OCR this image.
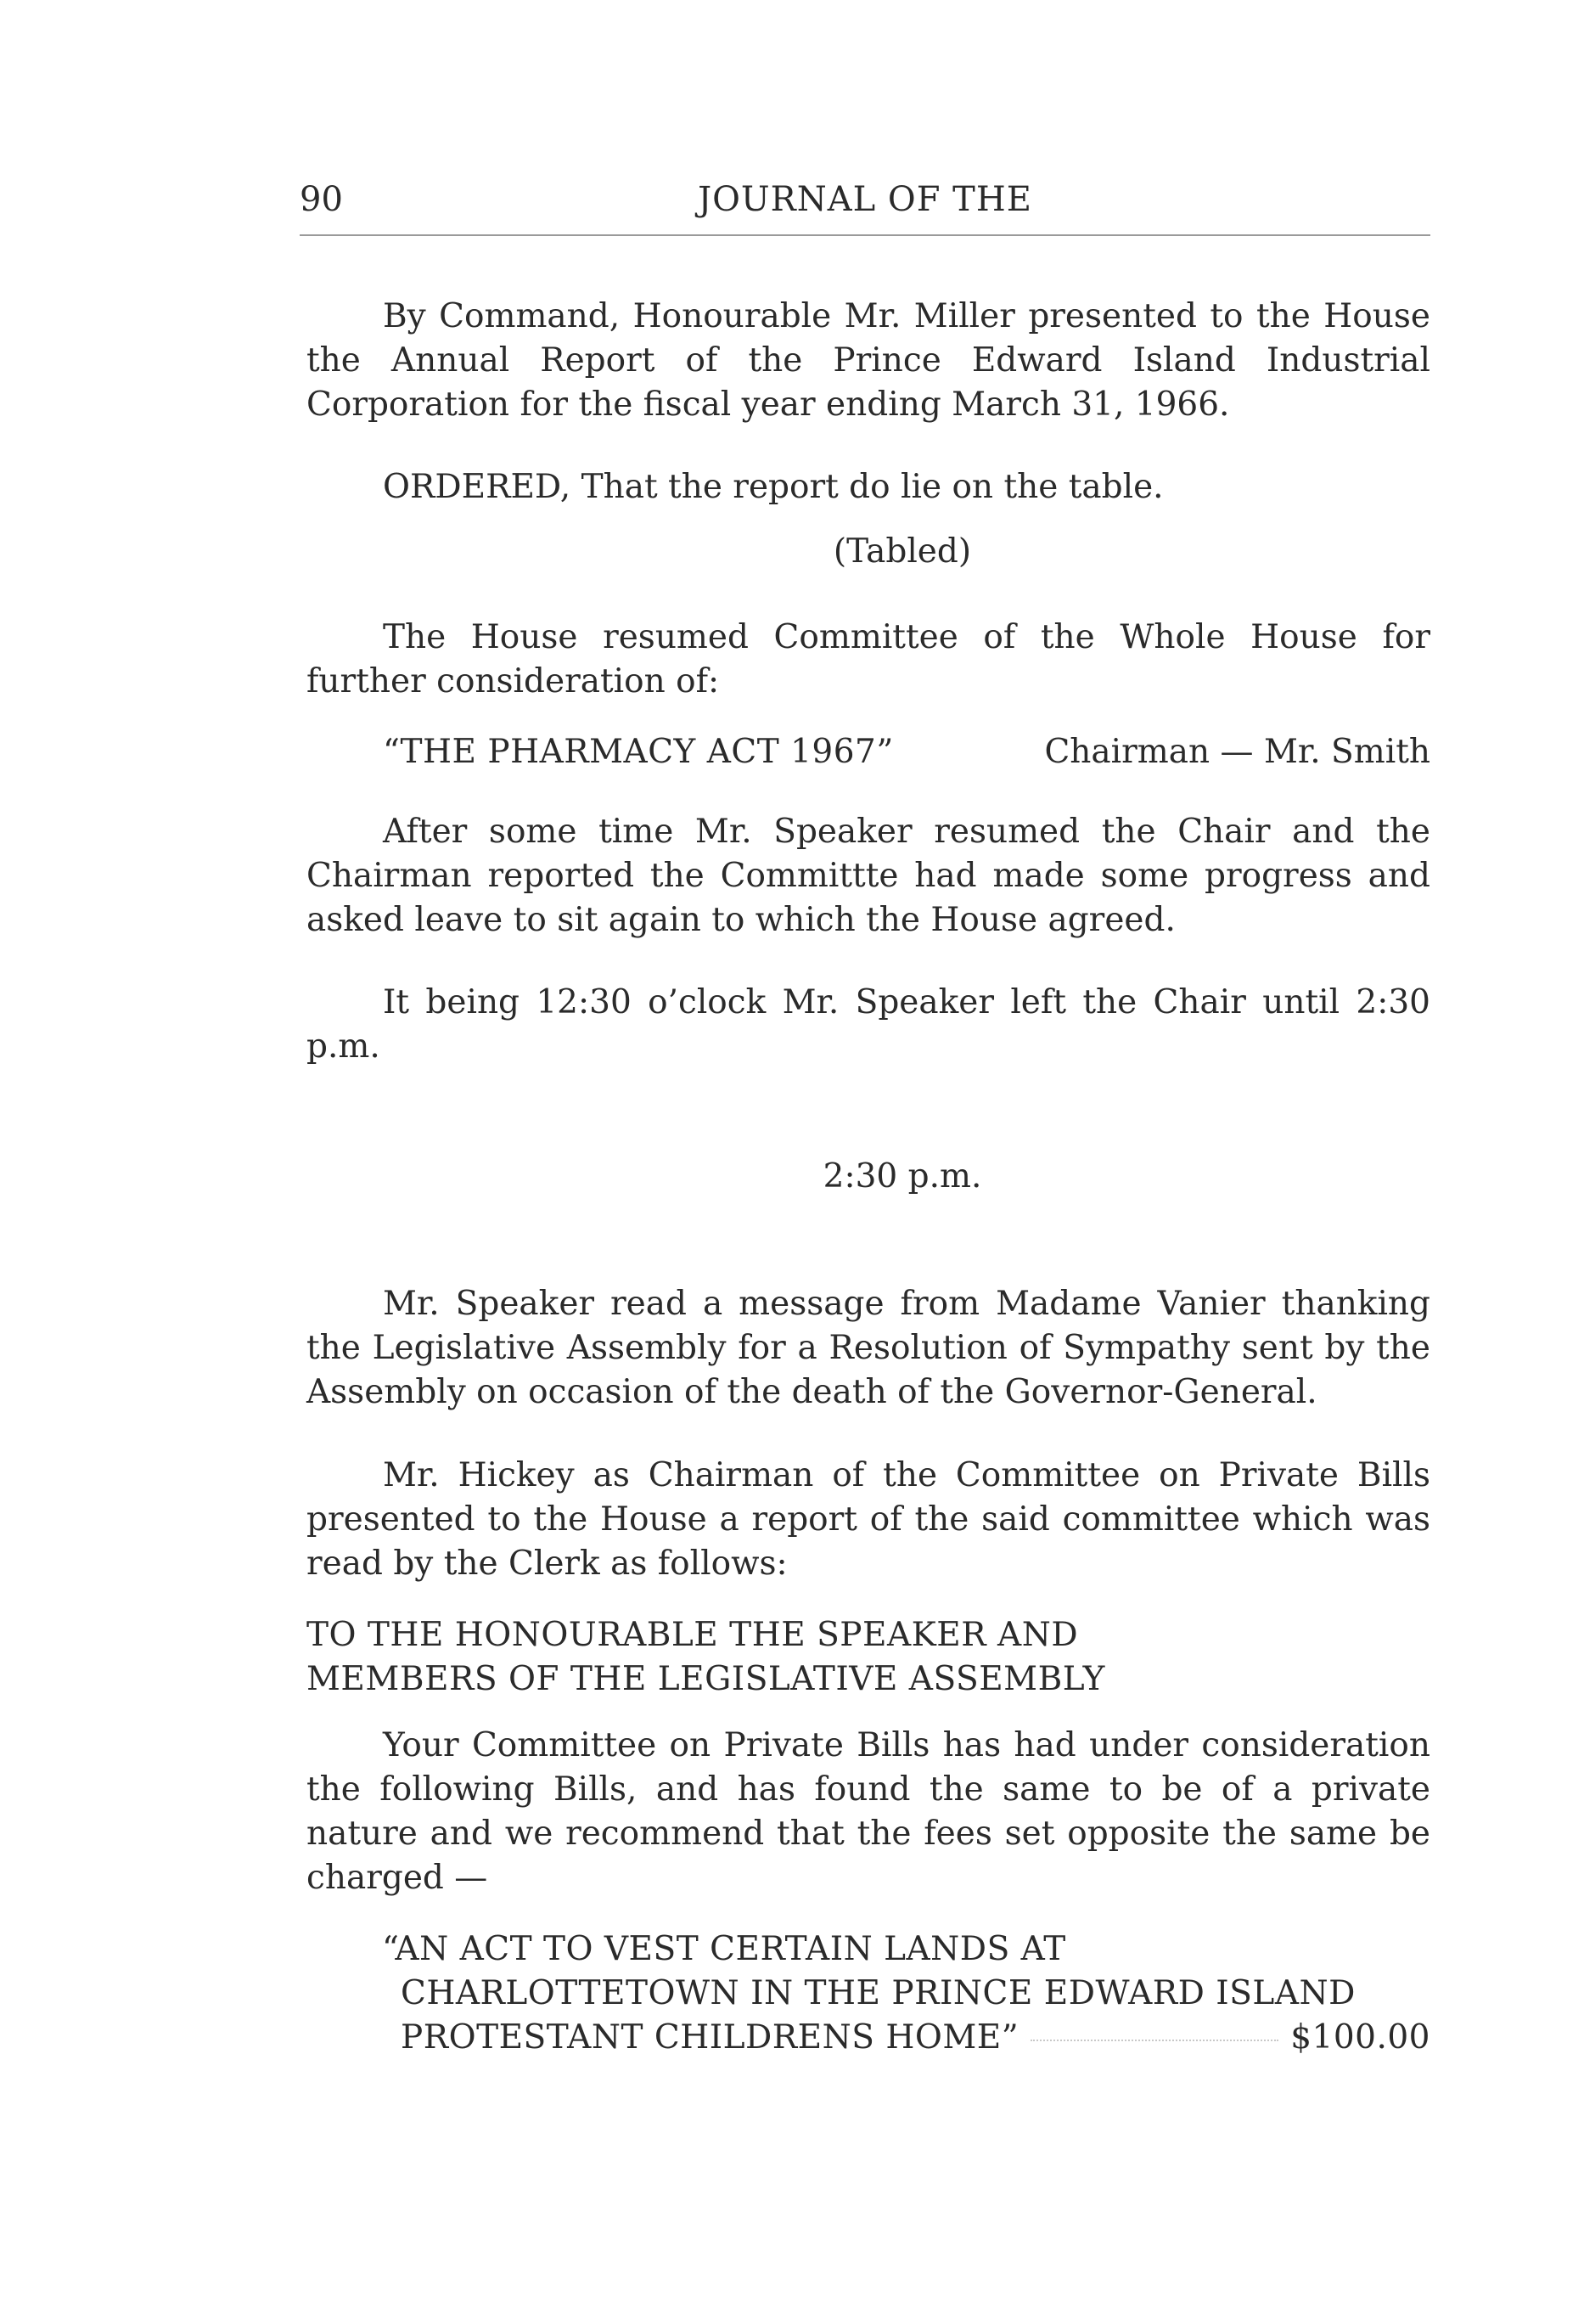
90	JOURNAL OF THE
By Command, Honourable Mr. Miller presented to the House the Annual Report of the Prince Edward Island Industrial Corporation for the fiscal year ending March 31, 1966.
ORDERED, That the report do lie on the table.
(Tabled)
The House resumed Committee of the Whole House for further consideration of:
“THE PHARMACY ACT 1967”	Chairman — Mr. Smith
After some time Mr. Speaker resumed the Chair and the Chairman reported the Committte had made some progress and asked leave to sit again to which the House agreed.
It being 12:30 o’clock Mr. Speaker left the Chair until 2:30 p.m.
2:30 p.m.
Mr. Speaker read a message from Madame Vanier thanking the Legislative Assembly for a Resolution of Sympathy sent by the Assembly on occasion of the death of the Governor-General.
Mr. Hickey as Chairman of the Committee on Private Bills presented to the House a report of the said committee which was read by the Clerk as follows:
TO THE HONOURABLE THE SPEAKER AND
MEMBERS OF THE LEGISLATIVE ASSEMBLY
Your Committee on Private Bills has had under consideration the following Bills, and has found the same to be of a private nature and we recommend that the fees set opposite the same be charged —
“AN ACT TO VEST CERTAIN LANDS AT
CHARLOTTETOWN IN THE PRINCE EDWARD ISLAND
PROTESTANT CHILDRENS HOME”	$100.00
